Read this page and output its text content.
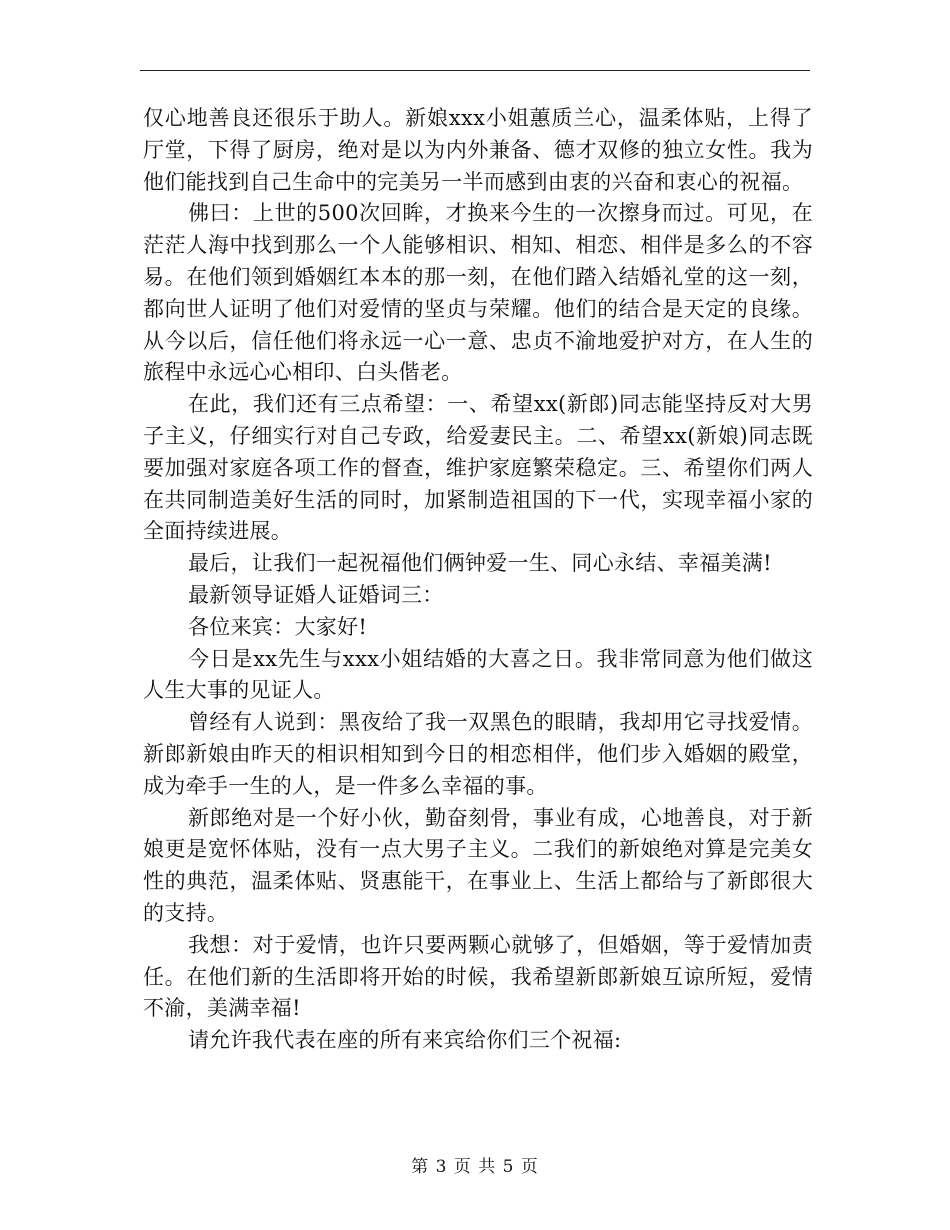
仅心地善良还很乐于助人。新娘xxx小姐蕙质兰心，温柔体贴，上得了厅堂，下得了厨房，绝对是以为内外兼备、德才双修的独立女性。我为他们能找到自己生命中的完美另一半而感到由衷的兴奋和衷心的祝福。

佛曰：上世的500次回眸，才换来今生的一次擦身而过。可见，在茫茫人海中找到那么一个人能够相识、相知、相恋、相伴是多么的不容易。在他们领到婚姻红本本的那一刻，在他们踏入结婚礼堂的这一刻，都向世人证明了他们对爱情的坚贞与荣耀。他们的结合是天定的良缘。从今以后，信任他们将永远一心一意、忠贞不渝地爱护对方，在人生的旅程中永远心心相印、白头偕老。

在此，我们还有三点希望：一、希望xx(新郎)同志能坚持反对大男子主义，仔细实行对自己专政，给爱妻民主。二、希望xx(新娘)同志既要加强对家庭各项工作的督查，维护家庭繁荣稳定。三、希望你们两人在共同制造美好生活的同时，加紧制造祖国的下一代，实现幸福小家的全面持续进展。

最后，让我们一起祝福他们俩钟爱一生、同心永结、幸福美满!

最新领导证婚人证婚词三：

各位来宾：大家好!

今日是xx先生与xxx小姐结婚的大喜之日。我非常同意为他们做这人生大事的见证人。

曾经有人说到：黑夜给了我一双黑色的眼睛，我却用它寻找爱情。新郎新娘由昨天的相识相知到今日的相恋相伴，他们步入婚姻的殿堂，成为牵手一生的人，是一件多么幸福的事。

新郎绝对是一个好小伙，勤奋刻骨，事业有成，心地善良，对于新娘更是宽怀体贴，没有一点大男子主义。二我们的新娘绝对算是完美女性的典范，温柔体贴、贤惠能干，在事业上、生活上都给与了新郎很大的支持。

我想：对于爱情，也许只要两颗心就够了，但婚姻，等于爱情加责任。在他们新的生活即将开始的时候，我希望新郎新娘互谅所短，爱情不渝，美满幸福!

请允许我代表在座的所有来宾给你们三个祝福:

第 3 页 共 5 页
